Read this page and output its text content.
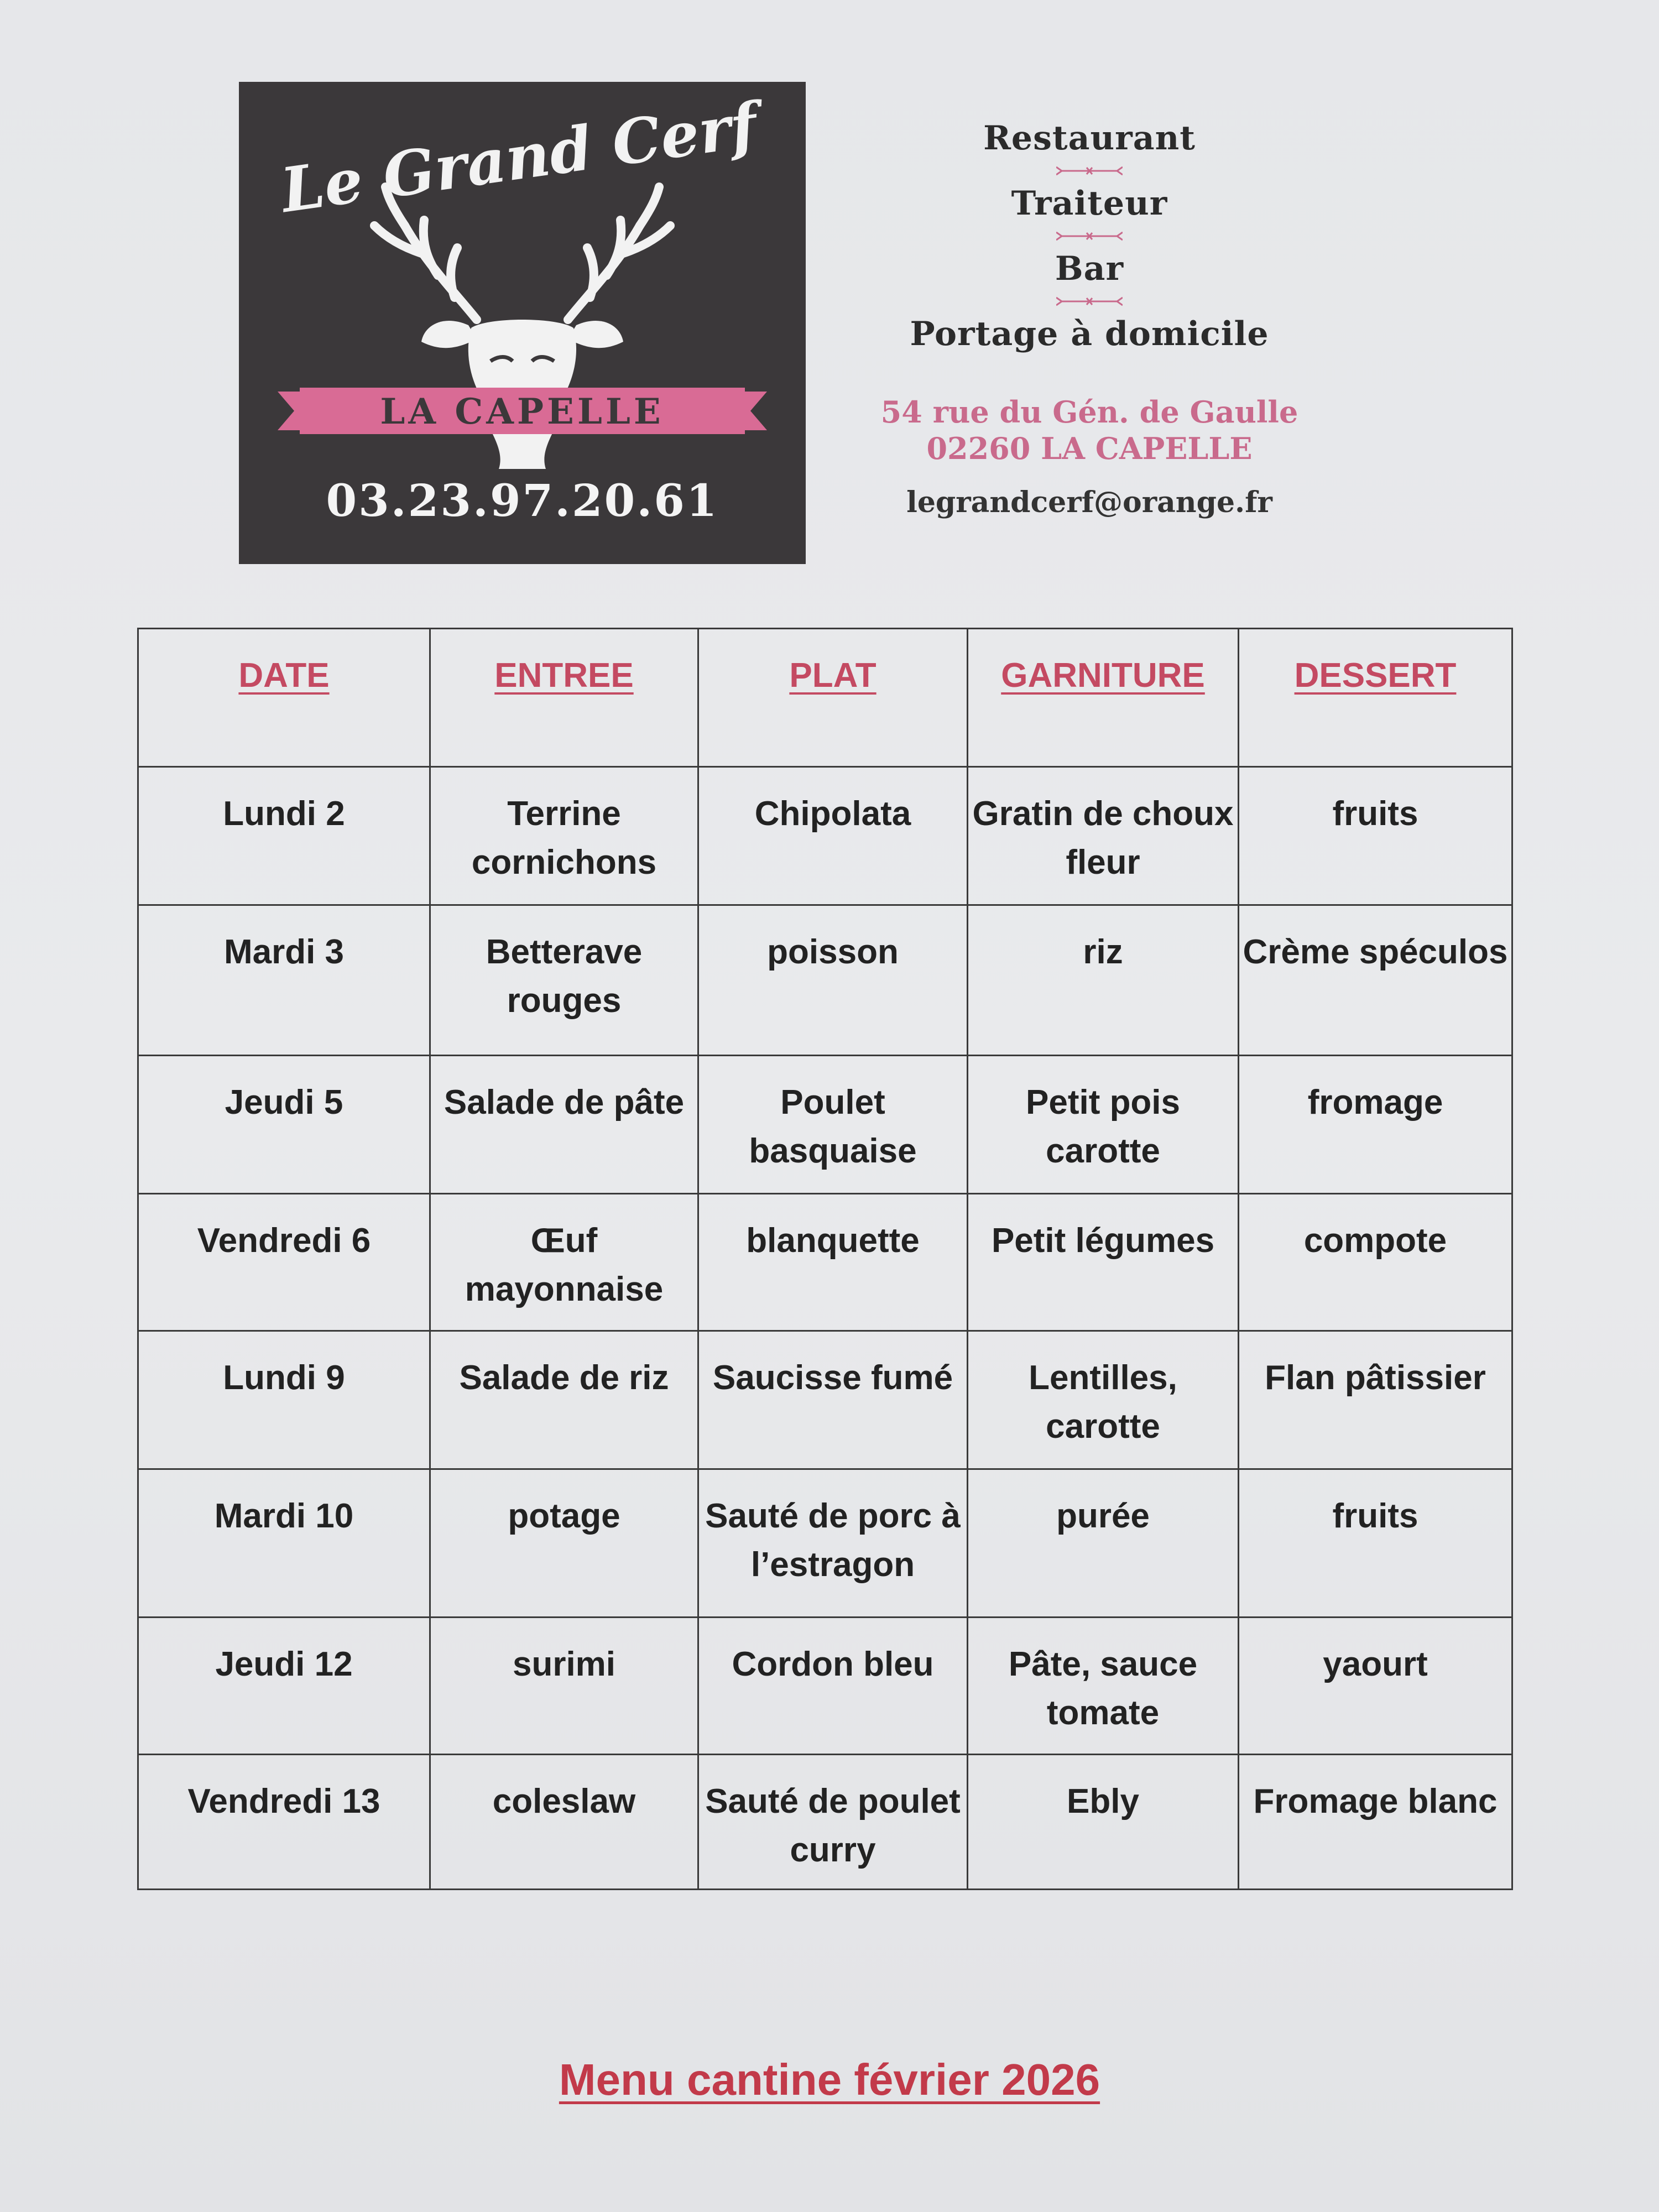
LA CAPELLE
Le Grand Cerf
03.23.97.20.61
Restaurant
Traiteur
Bar
Portage à domicile
54 rue du Gén. de Gaulle
02260 LA CAPELLE
legrandcerf@orange.fr
DATE	ENTREE	PLAT	GARNITURE	DESSERT
Lundi 2	Terrine cornichons	Chipolata	Gratin de choux fleur	fruits
Mardi 3	Betterave rouges	poisson	riz	Crème spéculos
Jeudi 5	Salade de pâte	Poulet basquaise	Petit pois carotte	fromage
Vendredi 6	Œuf mayonnaise	blanquette	Petit légumes	compote
Lundi 9	Salade de riz	Saucisse fumé	Lentilles, carotte	Flan pâtissier
Mardi 10	potage	Sauté de porc à l’estragon	purée	fruits
Jeudi 12	surimi	Cordon bleu	Pâte, sauce tomate	yaourt
Vendredi 13	coleslaw	Sauté de poulet curry	Ebly	Fromage blanc
Menu cantine février 2026
